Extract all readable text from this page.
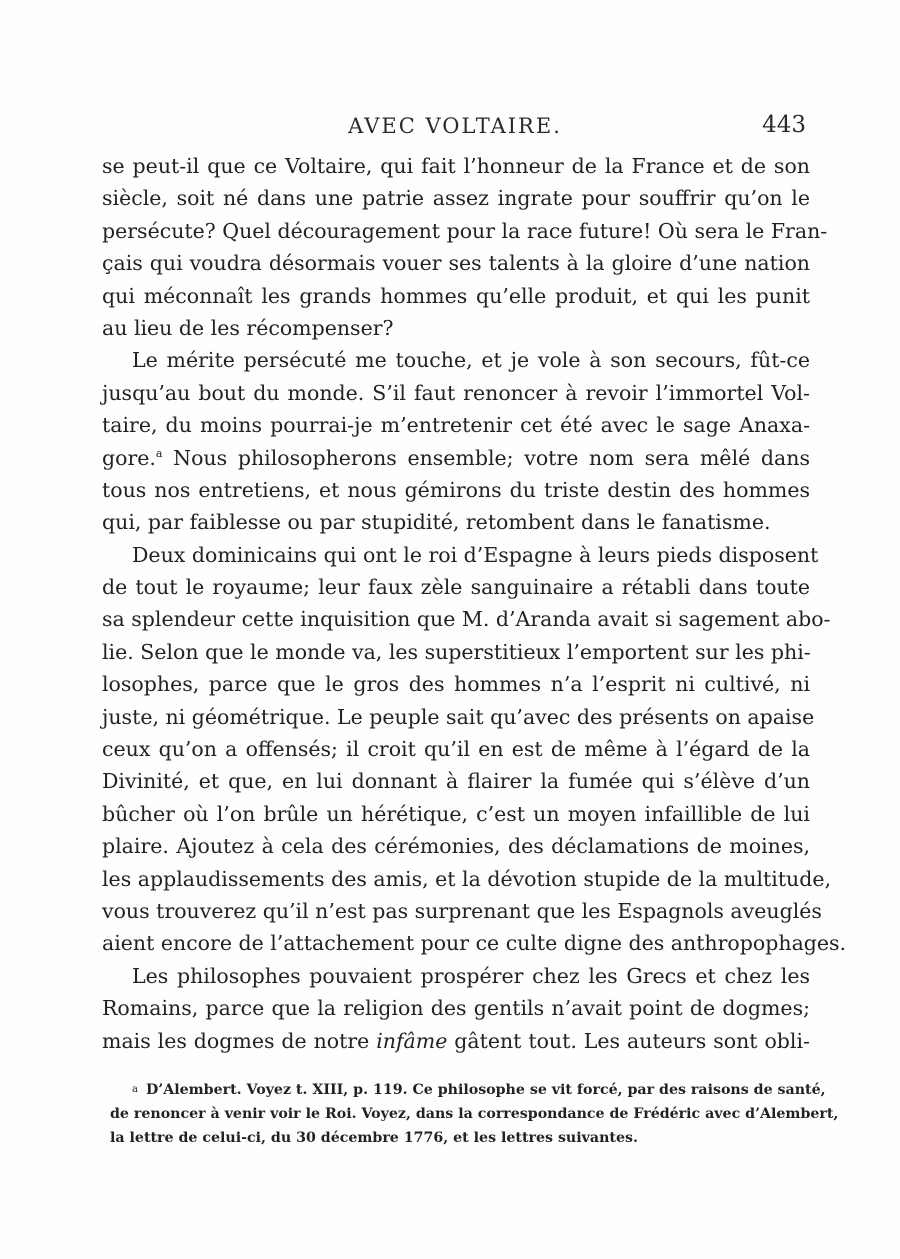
AVEC VOLTAIRE.	443
se peut-il que ce Voltaire, qui fait l’honneur de la France et de son
siècle, soit né dans une patrie assez ingrate pour souffrir qu’on le
persécute? Quel découragement pour la race future! Où sera le Fran-
çais qui voudra désormais vouer ses talents à la gloire d’une nation
qui méconnaît les grands hommes qu’elle produit, et qui les punit
au lieu de les récompenser?
Le mérite persécuté me touche, et je vole à son secours, fût-ce
jusqu’au bout du monde. S’il faut renoncer à revoir l’immortel Vol-
taire, du moins pourrai-je m’entretenir cet été avec le sage Anaxa-
gore.$^a$ Nous philosopherons ensemble; votre nom sera mêlé dans
tous nos entretiens, et nous gémirons du triste destin des hommes
qui, par faiblesse ou par stupidité, retombent dans le fanatisme.
Deux dominicains qui ont le roi d’Espagne à leurs pieds disposent
de tout le royaume; leur faux zèle sanguinaire a rétabli dans toute
sa splendeur cette inquisition que M. d’Aranda avait si sagement abo-
lie. Selon que le monde va, les superstitieux l’emportent sur les phi-
losophes, parce que le gros des hommes n’a l’esprit ni cultivé, ni
juste, ni géométrique. Le peuple sait qu’avec des présents on apaise
ceux qu’on a offensés; il croit qu’il en est de même à l’égard de la
Divinité, et que, en lui donnant à flairer la fumée qui s’élève d’un
bûcher où l’on brûle un hérétique, c’est un moyen infaillible de lui
plaire. Ajoutez à cela des cérémonies, des déclamations de moines,
les applaudissements des amis, et la dévotion stupide de la multitude,
vous trouverez qu’il n’est pas surprenant que les Espagnols aveuglés
aient encore de l’attachement pour ce culte digne des anthropophages.
Les philosophes pouvaient prospérer chez les Grecs et chez les
Romains, parce que la religion des gentils n’avait point de dogmes;
mais les dogmes de notre infâme gâtent tout. Les auteurs sont obli-
a D’Alembert. Voyez t. XIII, p. 119. Ce philosophe se vit forcé, par des raisons de santé,
de renoncer à venir voir le Roi. Voyez, dans la correspondance de Frédéric avec d’Alembert,
la lettre de celui-ci, du 30 décembre 1776, et les lettres suivantes.
